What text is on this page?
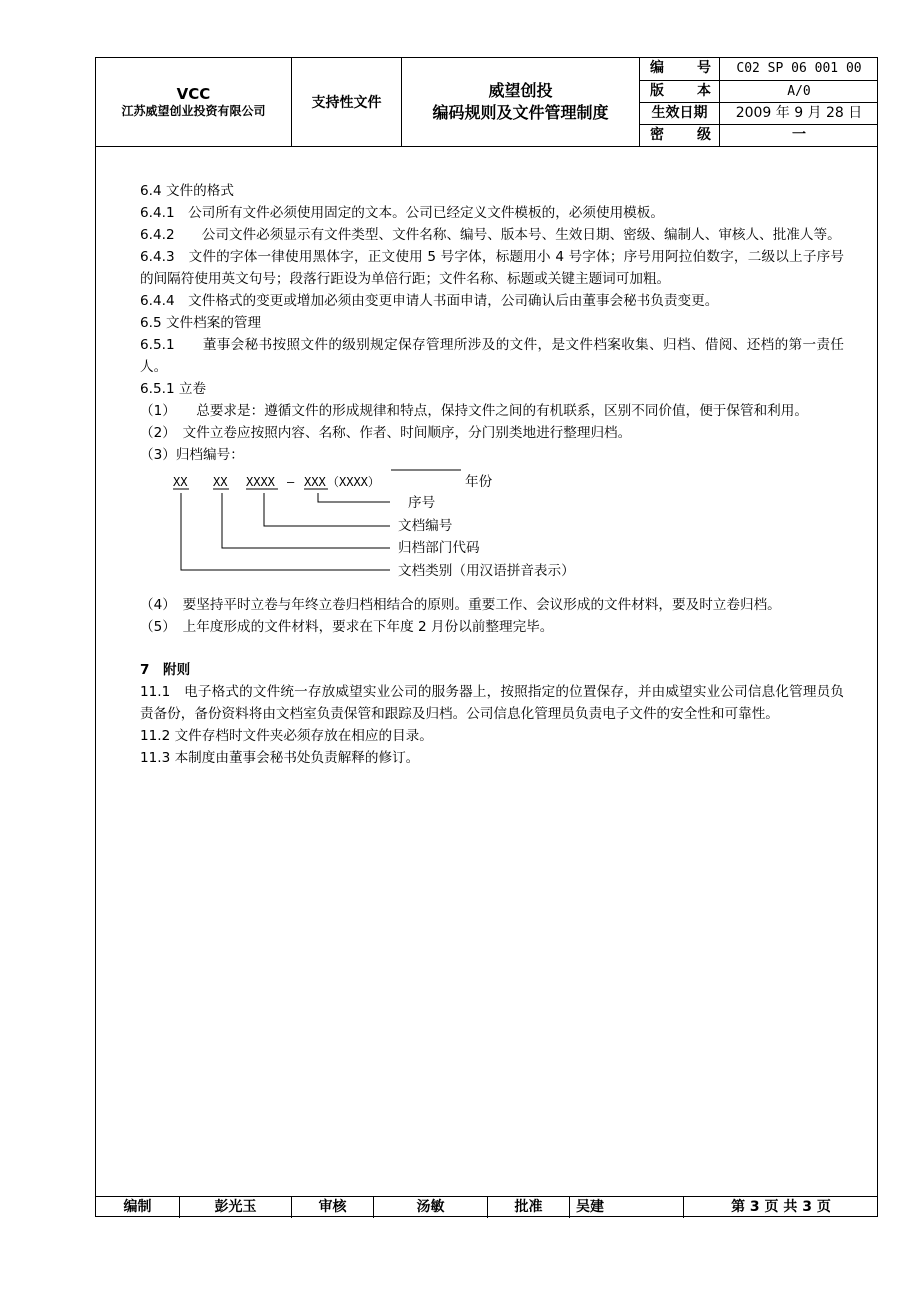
VCC
江苏威望创业投资有限公司	支持性文件
威望创投
编码规则及文件管理制度
编 号	C02 SP 06 001 00
版 本	A/0
生效日期	2009 年 9 月 28 日
密 级	一

6.4 文件的格式

6.4.1　公司所有文件必须使用固定的文本。公司已经定义文件模板的，必须使用模板。

6.4.2　　公司文件必须显示有文件类型、文件名称、编号、版本号、生效日期、密级、编制人、审核人、批准人等。

6.4.3　文件的字体一律使用黑体字，正文使用 5 号字体，标题用小 4 号字体；序号用阿拉伯数字，二级以上子序号的间隔符使用英文句号；段落行距设为单倍行距；文件名称、标题或关键主题词可加粗。

6.4.4　文件格式的变更或增加必须由变更申请人书面申请，公司确认后由董事会秘书负责变更。

6.5 文件档案的管理

6.5.1　　董事会秘书按照文件的级别规定保存管理所涉及的文件，是文件档案收集、归档、借阅、还档的第一责任人。

6.5.1 立卷

（1）　　总要求是：遵循文件的形成规律和特点，保持文件之间的有机联系，区别不同价值，便于保管和利用。

（2）　文件立卷应按照内容、名称、作者、时间顺序，分门别类地进行整理归档。

（3）归档编号：

XX XX XXXX – XXX （XXXX）	年份
序号
文档编号
归档部门代码
文档类别（用汉语拼音表示）

（4）　要坚持平时立卷与年终立卷归档相结合的原则。重要工作、会议形成的文件材料，要及时立卷归档。

（5）　上年度形成的文件材料，要求在下年度 2 月份以前整理完毕。

7　附则

11.1　电子格式的文件统一存放威望实业公司的服务器上，按照指定的位置保存，并由威望实业公司信息化管理员负责备份，备份资料将由文档室负责保管和跟踪及归档。公司信息化管理员负责电子文件的安全性和可靠性。

11.2 文件存档时文件夹必须存放在相应的目录。

11.3 本制度由董事会秘书处负责解释的修订。

编制	彭光玉	审核	汤敏	批准	吴建	第 3 页 共 3 页
